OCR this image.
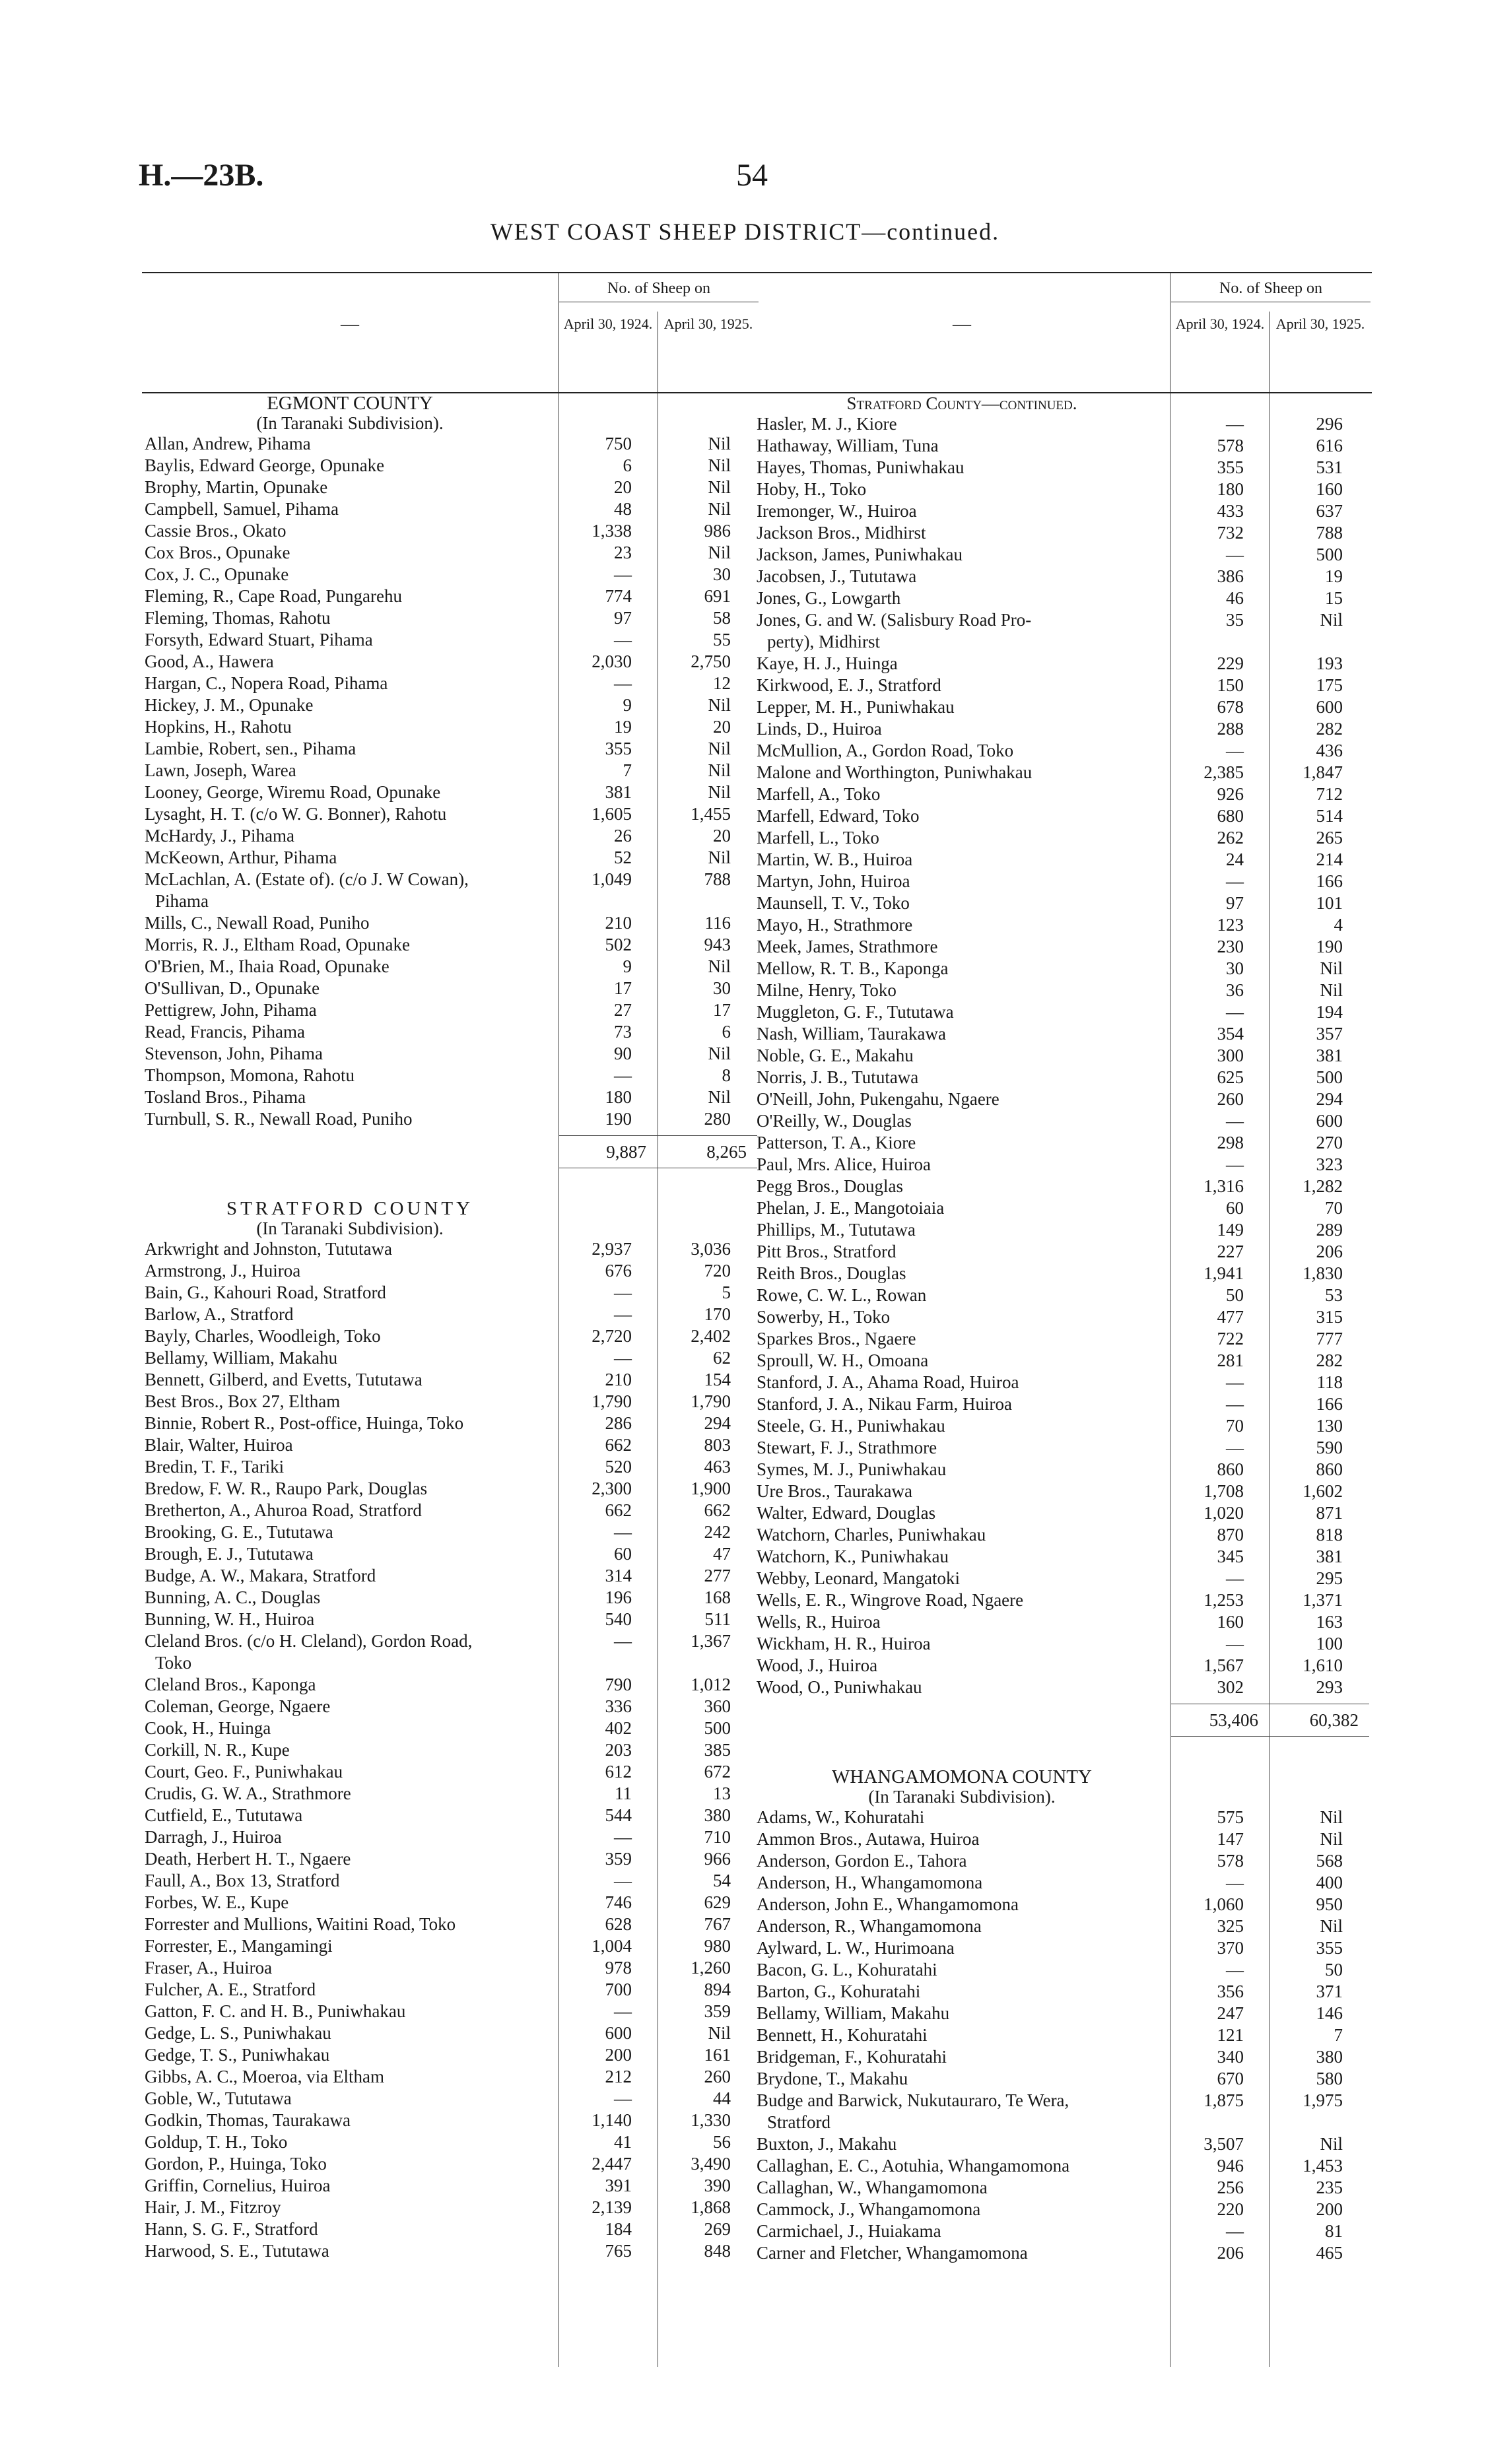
H.—23B.	54
WEST COAST SHEEP DISTRICT—continued.
—
No. of Sheep on
April 30, 1924. April 30, 1925.
EGMONT COUNTY
(In Taranaki Subdivision).
Allan, Andrew, Pihama	750	Nil
Baylis, Edward George, Opunake	6	Nil
Brophy, Martin, Opunake	20	Nil
Campbell, Samuel, Pihama	48	Nil
Cassie Bros., Okato	1,338	986
Cox Bros., Opunake	23	Nil
Cox, J. C., Opunake	—	30
Fleming, R., Cape Road, Pungarehu	774	691
Fleming, Thomas, Rahotu	97	58
Forsyth, Edward Stuart, Pihama	—	55
Good, A., Hawera	2,030	2,750
Hargan, C., Nopera Road, Pihama	—	12
Hickey, J. M., Opunake	9	Nil
Hopkins, H., Rahotu	19	20
Lambie, Robert, sen., Pihama	355	Nil
Lawn, Joseph, Warea	7	Nil
Looney, George, Wiremu Road, Opunake	381	Nil
Lysaght, H. T. (c/o W. G. Bonner), Rahotu	1,605	1,455
McHardy, J., Pihama	26	20
McKeown, Arthur, Pihama	52	Nil
McLachlan, A. (Estate of). (c/o J. W Cowan),	1,049	788
Pihama
Mills, C., Newall Road, Puniho	210	116
Morris, R. J., Eltham Road, Opunake	502	943
O'Brien, M., Ihaia Road, Opunake	9	Nil
O'Sullivan, D., Opunake	17	30
Pettigrew, John, Pihama	27	17
Read, Francis, Pihama	73	6
Stevenson, John, Pihama	90	Nil
Thompson, Momona, Rahotu	—	8
Tosland Bros., Pihama	180	Nil
Turnbull, S. R., Newall Road, Puniho	190	280
9,887	8,265
STRATFORD COUNTY
(In Taranaki Subdivision).
Arkwright and Johnston, Tututawa	2,937	3,036
Armstrong, J., Huiroa	676	720
Bain, G., Kahouri Road, Stratford	—	5
Barlow, A., Stratford	—	170
Bayly, Charles, Woodleigh, Toko	2,720	2,402
Bellamy, William, Makahu	—	62
Bennett, Gilberd, and Evetts, Tututawa	210	154
Best Bros., Box 27, Eltham	1,790	1,790
Binnie, Robert R., Post-office, Huinga, Toko	286	294
Blair, Walter, Huiroa	662	803
Bredin, T. F., Tariki	520	463
Bredow, F. W. R., Raupo Park, Douglas	2,300	1,900
Bretherton, A., Ahuroa Road, Stratford	662	662
Brooking, G. E., Tututawa	—	242
Brough, E. J., Tututawa	60	47
Budge, A. W., Makara, Stratford	314	277
Bunning, A. C., Douglas	196	168
Bunning, W. H., Huiroa	540	511
Cleland Bros. (c/o H. Cleland), Gordon Road,	—	1,367
Toko
Cleland Bros., Kaponga	790	1,012
Coleman, George, Ngaere	336	360
Cook, H., Huinga	402	500
Corkill, N. R., Kupe	203	385
Court, Geo. F., Puniwhakau	612	672
Crudis, G. W. A., Strathmore	11	13
Cutfield, E., Tututawa	544	380
Darragh, J., Huiroa	—	710
Death, Herbert H. T., Ngaere	359	966
Faull, A., Box 13, Stratford	—	54
Forbes, W. E., Kupe	746	629
Forrester and Mullions, Waitini Road, Toko	628	767
Forrester, E., Mangamingi	1,004	980
Fraser, A., Huiroa	978	1,260
Fulcher, A. E., Stratford	700	894
Gatton, F. C. and H. B., Puniwhakau	—	359
Gedge, L. S., Puniwhakau	600	Nil
Gedge, T. S., Puniwhakau	200	161
Gibbs, A. C., Moeroa, via Eltham	212	260
Goble, W., Tututawa	—	44
Godkin, Thomas, Taurakawa	1,140	1,330
Goldup, T. H., Toko	41	56
Gordon, P., Huinga, Toko	2,447	3,490
Griffin, Cornelius, Huiroa	391	390
Hair, J. M., Fitzroy	2,139	1,868
Hann, S. G. F., Stratford	184	269
Harwood, S. E., Tututawa	765	848
—
No. of Sheep on
April 30, 1924. April 30, 1925.
Stratford County—continued.
Hasler, M. J., Kiore	—	296
Hathaway, William, Tuna	578	616
Hayes, Thomas, Puniwhakau	355	531
Hoby, H., Toko	180	160
Iremonger, W., Huiroa	433	637
Jackson Bros., Midhirst	732	788
Jackson, James, Puniwhakau	—	500
Jacobsen, J., Tututawa	386	19
Jones, G., Lowgarth	46	15
Jones, G. and W. (Salisbury Road Pro-	35	Nil
perty), Midhirst
Kaye, H. J., Huinga	229	193
Kirkwood, E. J., Stratford	150	175
Lepper, M. H., Puniwhakau	678	600
Linds, D., Huiroa	288	282
McMullion, A., Gordon Road, Toko	—	436
Malone and Worthington, Puniwhakau	2,385	1,847
Marfell, A., Toko	926	712
Marfell, Edward, Toko	680	514
Marfell, L., Toko	262	265
Martin, W. B., Huiroa	24	214
Martyn, John, Huiroa	—	166
Maunsell, T. V., Toko	97	101
Mayo, H., Strathmore	123	4
Meek, James, Strathmore	230	190
Mellow, R. T. B., Kaponga	30	Nil
Milne, Henry, Toko	36	Nil
Muggleton, G. F., Tututawa	—	194
Nash, William, Taurakawa	354	357
Noble, G. E., Makahu	300	381
Norris, J. B., Tututawa	625	500
O'Neill, John, Pukengahu, Ngaere	260	294
O'Reilly, W., Douglas	—	600
Patterson, T. A., Kiore	298	270
Paul, Mrs. Alice, Huiroa	—	323
Pegg Bros., Douglas	1,316	1,282
Phelan, J. E., Mangotoiaia	60	70
Phillips, M., Tututawa	149	289
Pitt Bros., Stratford	227	206
Reith Bros., Douglas	1,941	1,830
Rowe, C. W. L., Rowan	50	53
Sowerby, H., Toko	477	315
Sparkes Bros., Ngaere	722	777
Sproull, W. H., Omoana	281	282
Stanford, J. A., Ahama Road, Huiroa	—	118
Stanford, J. A., Nikau Farm, Huiroa	—	166
Steele, G. H., Puniwhakau	70	130
Stewart, F. J., Strathmore	—	590
Symes, M. J., Puniwhakau	860	860
Ure Bros., Taurakawa	1,708	1,602
Walter, Edward, Douglas	1,020	871
Watchorn, Charles, Puniwhakau	870	818
Watchorn, K., Puniwhakau	345	381
Webby, Leonard, Mangatoki	—	295
Wells, E. R., Wingrove Road, Ngaere	1,253	1,371
Wells, R., Huiroa	160	163
Wickham, H. R., Huiroa	—	100
Wood, J., Huiroa	1,567	1,610
Wood, O., Puniwhakau	302	293
53,406	60,382
WHANGAMOMONA COUNTY
(In Taranaki Subdivision).
Adams, W., Kohuratahi	575	Nil
Ammon Bros., Autawa, Huiroa	147	Nil
Anderson, Gordon E., Tahora	578	568
Anderson, H., Whangamomona	—	400
Anderson, John E., Whangamomona	1,060	950
Anderson, R., Whangamomona	325	Nil
Aylward, L. W., Hurimoana	370	355
Bacon, G. L., Kohuratahi	—	50
Barton, G., Kohuratahi	356	371
Bellamy, William, Makahu	247	146
Bennett, H., Kohuratahi	121	7
Bridgeman, F., Kohuratahi	340	380
Brydone, T., Makahu	670	580
Budge and Barwick, Nukutauraro, Te Wera,	1,875	1,975
Stratford
Buxton, J., Makahu	3,507	Nil
Callaghan, E. C., Aotuhia, Whangamomona	946	1,453
Callaghan, W., Whangamomona	256	235
Cammock, J., Whangamomona	220	200
Carmichael, J., Huiakama	—	81
Carner and Fletcher, Whangamomona	206	465
